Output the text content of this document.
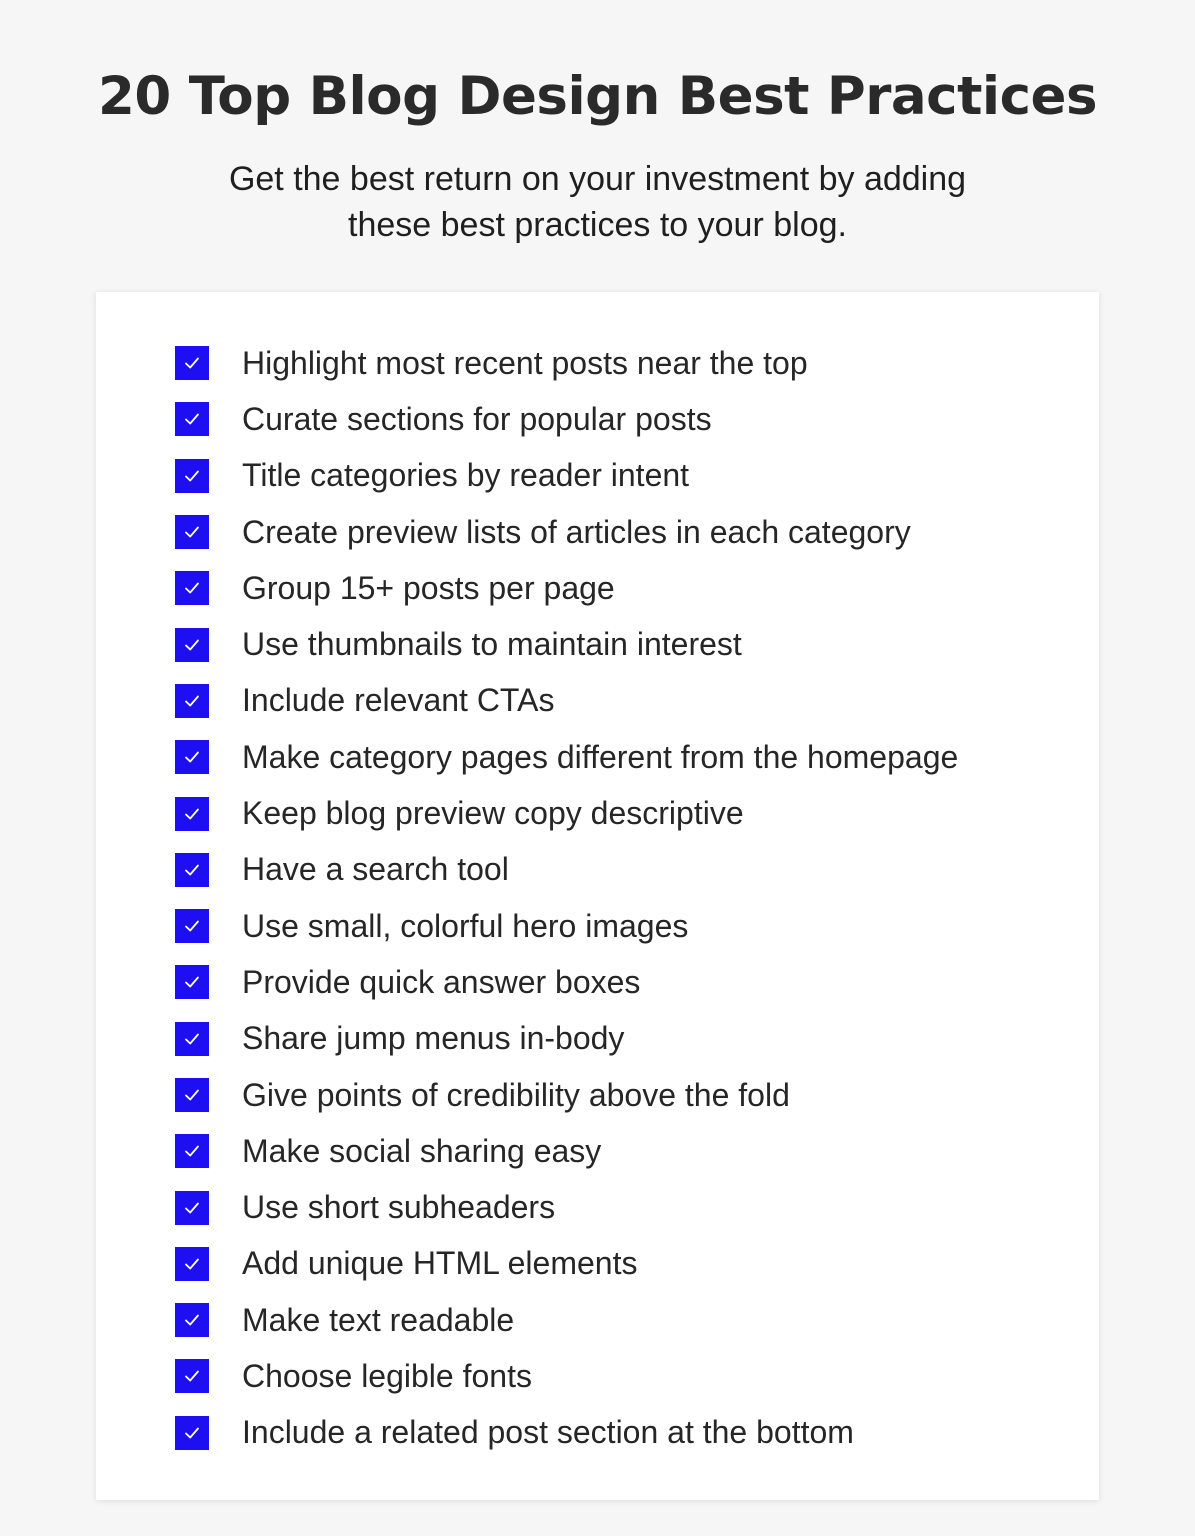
20 Top Blog Design Best Practices

Get the best return on your investment by adding
these best practices to your blog.

Highlight most recent posts near the top
Curate sections for popular posts
Title categories by reader intent
Create preview lists of articles in each category
Group 15+ posts per page
Use thumbnails to maintain interest
Include relevant CTAs
Make category pages different from the homepage
Keep blog preview copy descriptive
Have a search tool
Use small, colorful hero images
Provide quick answer boxes
Share jump menus in-body
Give points of credibility above the fold
Make social sharing easy
Use short subheaders
Add unique HTML elements
Make text readable
Choose legible fonts
Include a related post section at the bottom
